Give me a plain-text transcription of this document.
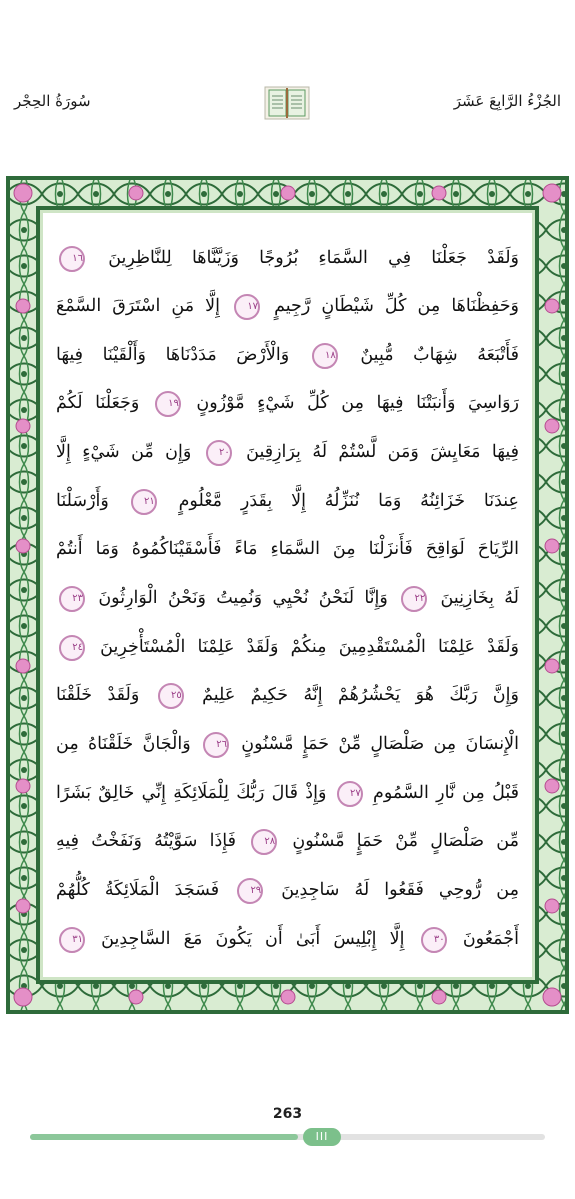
سُورَةُ الحِجْر	الجُزْءُ الرَّابِعَ عَشَرَ
وَلَقَدْ جَعَلْنَا فِي السَّمَاءِ بُرُوجًا وَزَيَّنَّاهَا لِلنَّاظِرِينَ ١٦
وَحَفِظْنَاهَا مِن كُلِّ شَيْطَانٍ رَّجِيمٍ ١٧ إِلَّا مَنِ اسْتَرَقَ السَّمْعَ
فَأَتْبَعَهُ شِهَابٌ مُّبِينٌ ١٨ وَالْأَرْضَ مَدَدْنَاهَا وَأَلْقَيْنَا فِيهَا
رَوَاسِيَ وَأَنبَتْنَا فِيهَا مِن كُلِّ شَيْءٍ مَّوْزُونٍ ١٩ وَجَعَلْنَا لَكُمْ
فِيهَا مَعَايِشَ وَمَن لَّسْتُمْ لَهُ بِرَازِقِينَ ٢٠ وَإِن مِّن شَيْءٍ إِلَّا
عِندَنَا خَزَائِنُهُ وَمَا نُنَزِّلُهُ إِلَّا بِقَدَرٍ مَّعْلُومٍ ٢١ وَأَرْسَلْنَا
الرِّيَاحَ لَوَاقِحَ فَأَنزَلْنَا مِنَ السَّمَاءِ مَاءً فَأَسْقَيْنَاكُمُوهُ وَمَا أَنتُمْ
لَهُ بِخَازِنِينَ ٢٢ وَإِنَّا لَنَحْنُ نُحْيِي وَنُمِيتُ وَنَحْنُ الْوَارِثُونَ ٢٣
وَلَقَدْ عَلِمْنَا الْمُسْتَقْدِمِينَ مِنكُمْ وَلَقَدْ عَلِمْنَا الْمُسْتَأْخِرِينَ ٢٤
وَإِنَّ رَبَّكَ هُوَ يَحْشُرُهُمْ إِنَّهُ حَكِيمٌ عَلِيمٌ ٢٥ وَلَقَدْ خَلَقْنَا
الْإِنسَانَ مِن صَلْصَالٍ مِّنْ حَمَإٍ مَّسْنُونٍ ٢٦ وَالْجَانَّ خَلَقْنَاهُ مِن
قَبْلُ مِن نَّارِ السَّمُومِ ٢٧ وَإِذْ قَالَ رَبُّكَ لِلْمَلَائِكَةِ إِنِّي خَالِقٌ بَشَرًا
مِّن صَلْصَالٍ مِّنْ حَمَإٍ مَّسْنُونٍ ٢٨ فَإِذَا سَوَّيْتُهُ وَنَفَخْتُ فِيهِ
مِن رُّوحِي فَقَعُوا لَهُ سَاجِدِينَ ٢٩ فَسَجَدَ الْمَلَائِكَةُ كُلُّهُمْ
أَجْمَعُونَ ٣٠ إِلَّا إِبْلِيسَ أَبَىٰ أَن يَكُونَ مَعَ السَّاجِدِينَ ٣١
263
III
